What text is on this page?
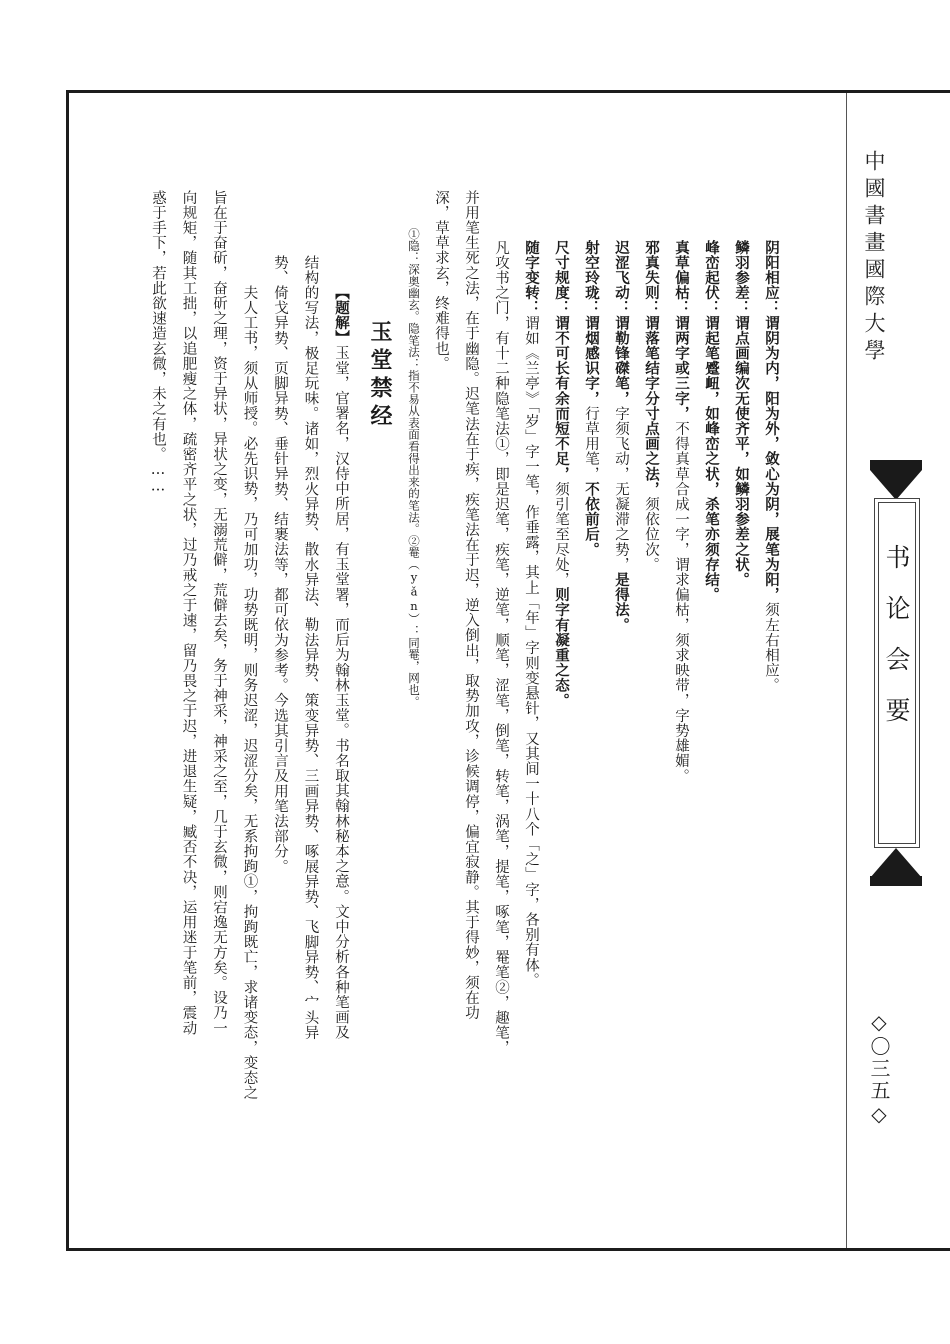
中國書畫國際大學
书论会要
◇〇三五◇
阴阳相应：谓阴为内，阳为外，敛心为阴，展笔为阳，须左右相应。
鳞羽参差：谓点画编次无使齐平，如鳞羽参差之状。
峰峦起伏：谓起笔蹙衄，如峰峦之状，杀笔亦须存结。
真草偏枯：谓两字或三字，不得真草合成一字，谓求偏枯，须求映带，字势雄媚。
邪真失则：谓落笔结字分寸点画之法，须依位次。
迟涩飞动：谓勒锋磔笔，字须飞动，无凝滞之势，是得法。
射空玲珑：谓烟感识字，行草用笔，不依前后。
尺寸规度：谓不可长有余而短不足，须引笔至尽处，则字有凝重之态。
随字变转：谓如《兰亭》「岁」字一笔，作垂露，其上「年」字则变悬针，又其间一十八个「之」字，各别有体。
凡攻书之门，有十二种隐笔法①，即是迟笔，疾笔，逆笔，顺笔，涩笔，倒笔，转笔，涡笔，提笔，啄笔，罨笔②，趣笔，
并用笔生死之法，在于幽隐。迟笔法在于疾，疾笔法在于迟，逆入倒出，取势加攻，诊候调停，偏宜寂静。其于得妙，须在功
深，草草求玄，终难得也。
①隐：深奥幽玄。隐笔法：指不易从表面看得出来的笔法。②罨（yǎn）：同罨，网也。
玉堂禁经
【题解】玉堂，官署名，汉侍中所居，有玉堂署，而后为翰林玉堂。书名取其翰林秘本之意。文中分析各种笔画及
结构的写法，极足玩味。诸如，烈火异势、散水异法、勒法异势、策变异势、三画异势、啄展异势、飞脚异势、宀头异
势、倚戈异势、页脚异势、垂针异势、结裹法等，都可依为参考。今选其引言及用笔法部分。
夫人工书，须从师授。必先识势，乃可加功，功势既明，则务迟涩，迟涩分矣，无系拘跔①，拘跔既亡，求诸变态，变态之
旨在于奋斫，奋斫之理，资于异状，异状之变，无溺荒僻，荒僻去矣，务于神采，神采之至，几于玄微，则宕逸无方矣。设乃一
向规矩，随其工拙，以追肥瘦之体，疏密齐平之状，过乃戒之于速，留乃畏之于迟，进退生疑，臧否不决，运用迷于笔前，震动
惑于手下，若此欲速造玄微，未之有也。……
